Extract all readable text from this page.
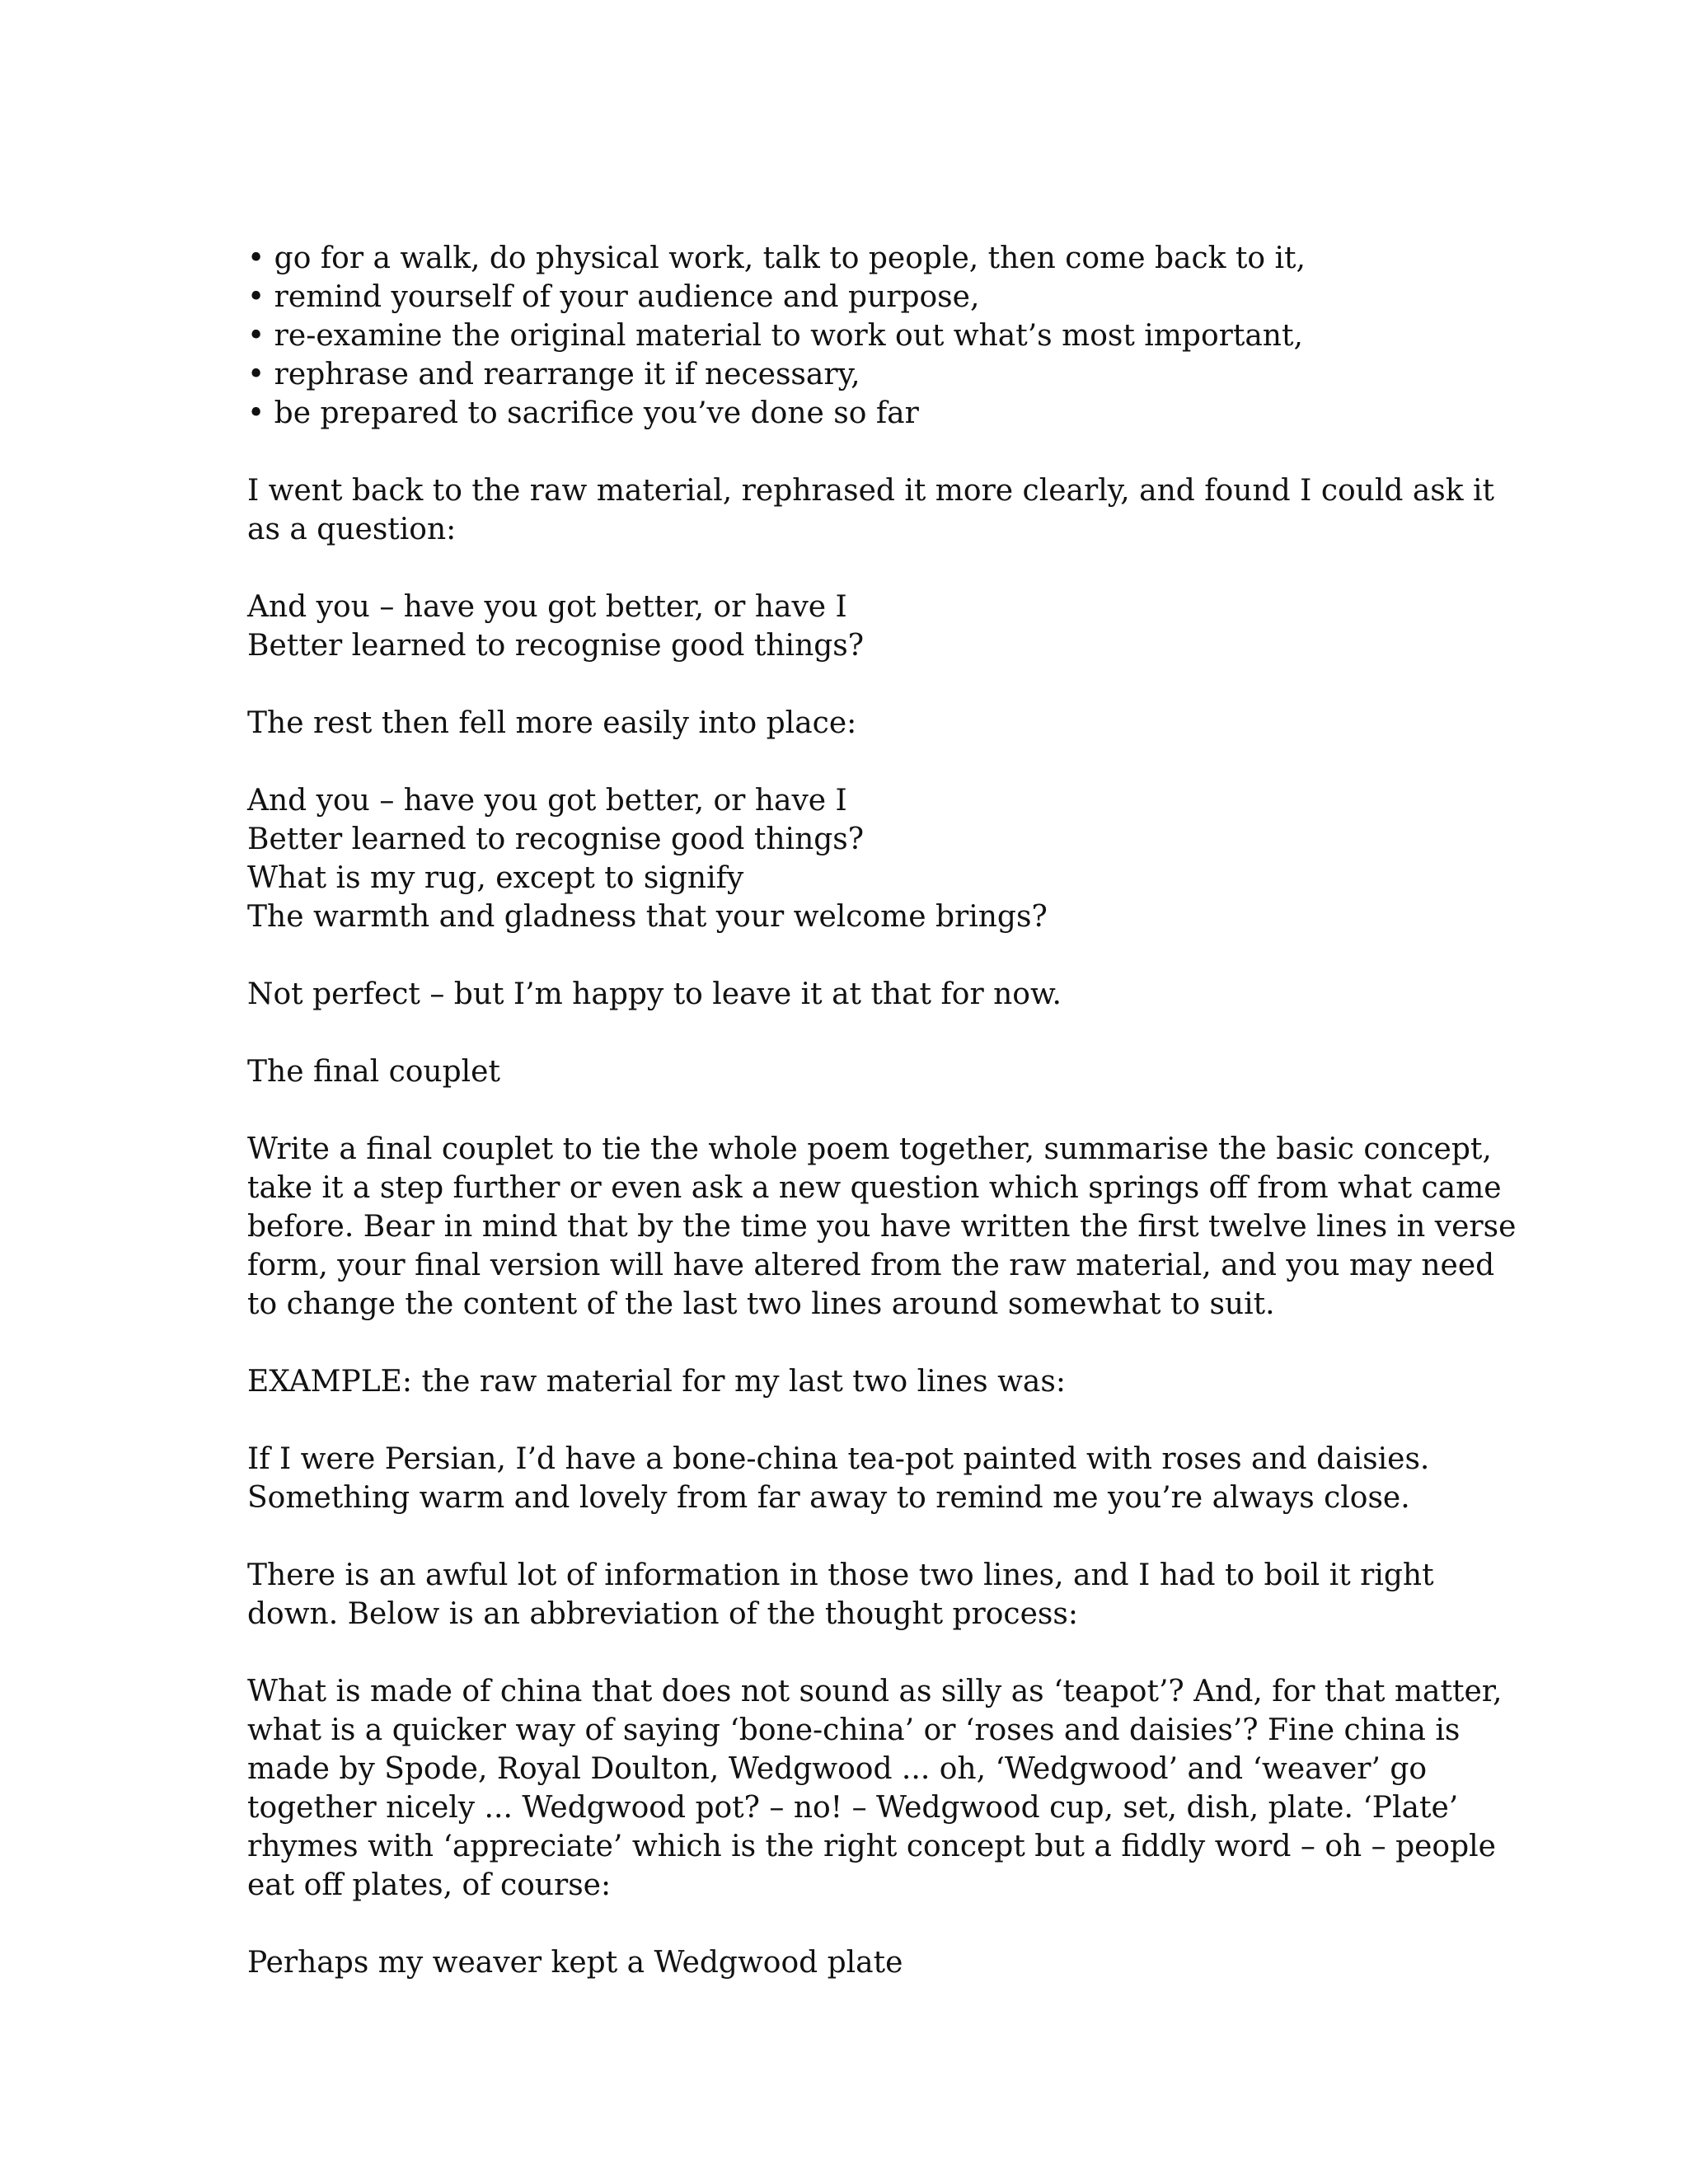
• go for a walk, do physical work, talk to people, then come back to it,
• remind yourself of your audience and purpose,
• re-examine the original material to work out what’s most important,
• rephrase and rearrange it if necessary,
• be prepared to sacrifice you’ve done so far
I went back to the raw material, rephrased it more clearly, and found I could ask it
as a question:
And you – have you got better, or have I
Better learned to recognise good things?
The rest then fell more easily into place:
And you – have you got better, or have I
Better learned to recognise good things?
What is my rug, except to signify
The warmth and gladness that your welcome brings?
Not perfect – but I’m happy to leave it at that for now.
The final couplet
Write a final couplet to tie the whole poem together, summarise the basic concept,
take it a step further or even ask a new question which springs off from what came
before. Bear in mind that by the time you have written the first twelve lines in verse
form, your final version will have altered from the raw material, and you may need
to change the content of the last two lines around somewhat to suit.
EXAMPLE: the raw material for my last two lines was:
If I were Persian, I’d have a bone-china tea-pot painted with roses and daisies.
Something warm and lovely from far away to remind me you’re always close.
There is an awful lot of information in those two lines, and I had to boil it right
down. Below is an abbreviation of the thought process:
What is made of china that does not sound as silly as ‘teapot’? And, for that matter,
what is a quicker way of saying ‘bone-china’ or ‘roses and daisies’? Fine china is
made by Spode, Royal Doulton, Wedgwood ... oh, ‘Wedgwood’ and ‘weaver’ go
together nicely ... Wedgwood pot? – no! – Wedgwood cup, set, dish, plate. ‘Plate’
rhymes with ‘appreciate’ which is the right concept but a fiddly word – oh – people
eat off plates, of course:
Perhaps my weaver kept a Wedgwood plate
